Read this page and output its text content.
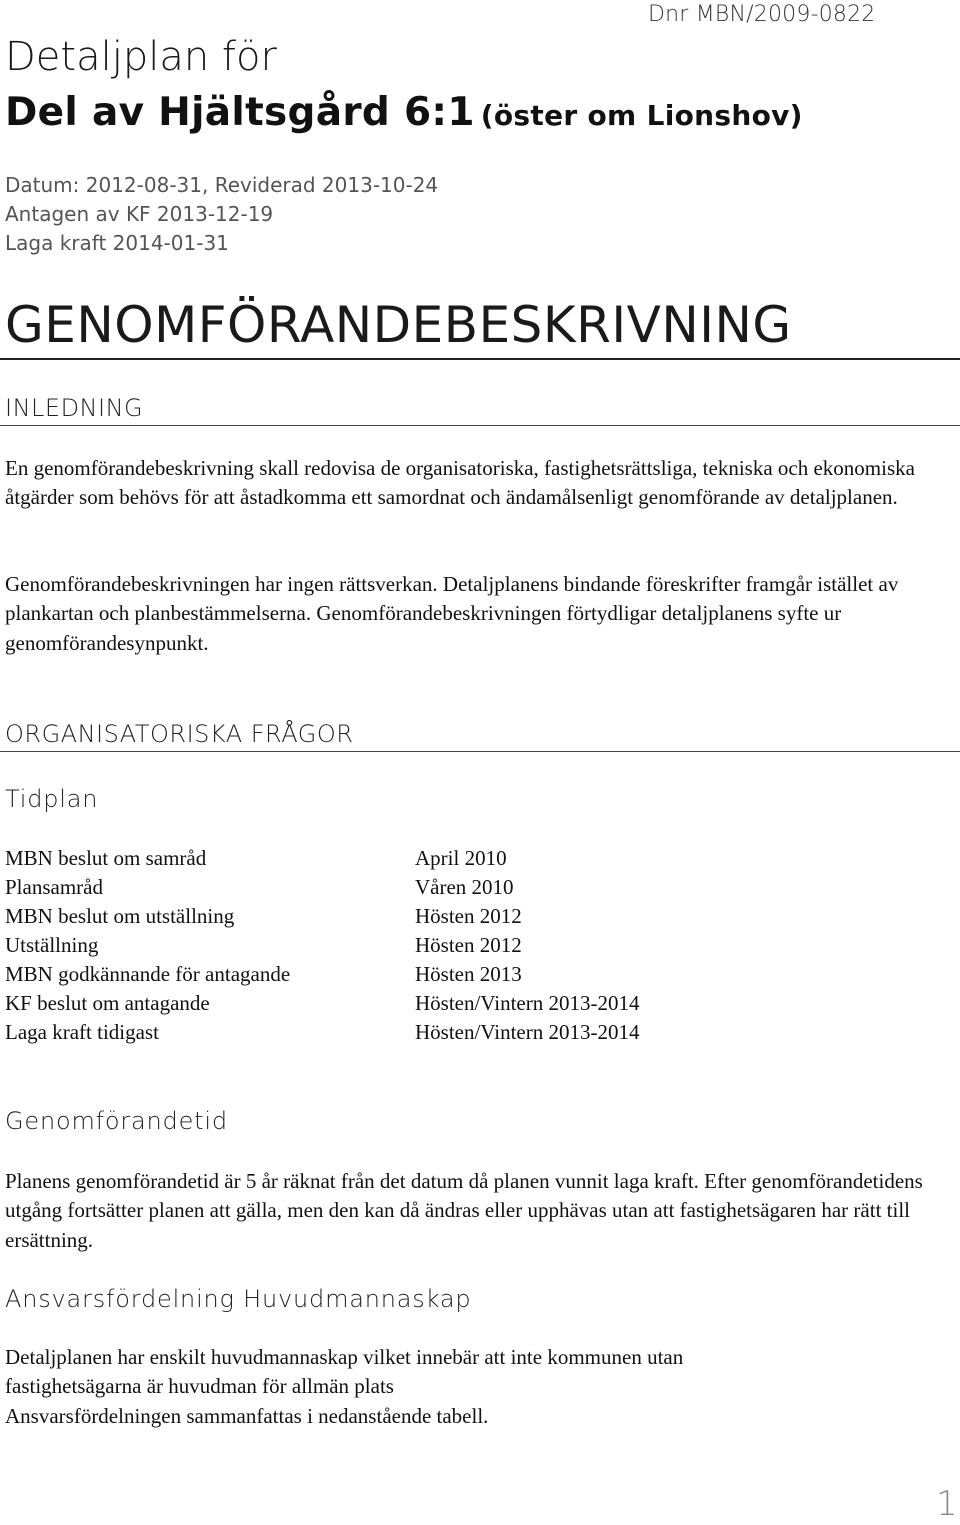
Dnr MBN/2009-0822
Detaljplan för
Del av Hjältsgård 6:1 (öster om Lionshov)
Datum: 2012-08-31, Reviderad 2013-10-24
Antagen av KF 2013-12-19
Laga kraft 2014-01-31
GENOMFÖRANDEBESKRIVNING
INLEDNING

En genomförandebeskrivning skall redovisa de organisatoriska, fastighetsrättsliga, tekniska och ekonomiska åtgärder som behövs för att åstadkomma ett samordnat och ändamålsenligt genomförande av detaljplanen.

Genomförandebeskrivningen har ingen rättsverkan. Detaljplanens bindande föreskrifter framgår istället av plankartan och planbestämmelserna. Genomförandebeskrivningen förtydligar detaljplanens syfte ur genomförandesynpunkt.

ORGANISATORISKA FRÅGOR
Tidplan
MBN beslut om samråd	April 2010
Plansamråd	Våren 2010
MBN beslut om utställning	Hösten 2012
Utställning	Hösten 2012
MBN godkännande för antagande	Hösten 2013
KF beslut om antagande	Hösten/Vintern 2013-2014
Laga kraft tidigast	Hösten/Vintern 2013-2014
Genomförandetid

Planens genomförandetid är 5 år räknat från det datum då planen vunnit laga kraft. Efter genomförandetidens utgång fortsätter planen att gälla, men den kan då ändras eller upphävas utan att fastighetsägaren har rätt till ersättning.

Ansvarsfördelning Huvudmannaskap
Detaljplanen har enskilt huvudmannaskap vilket innebär att inte kommunen utan
fastighetsägarna är huvudman för allmän plats
Ansvarsfördelningen sammanfattas i nedanstående tabell.
1
